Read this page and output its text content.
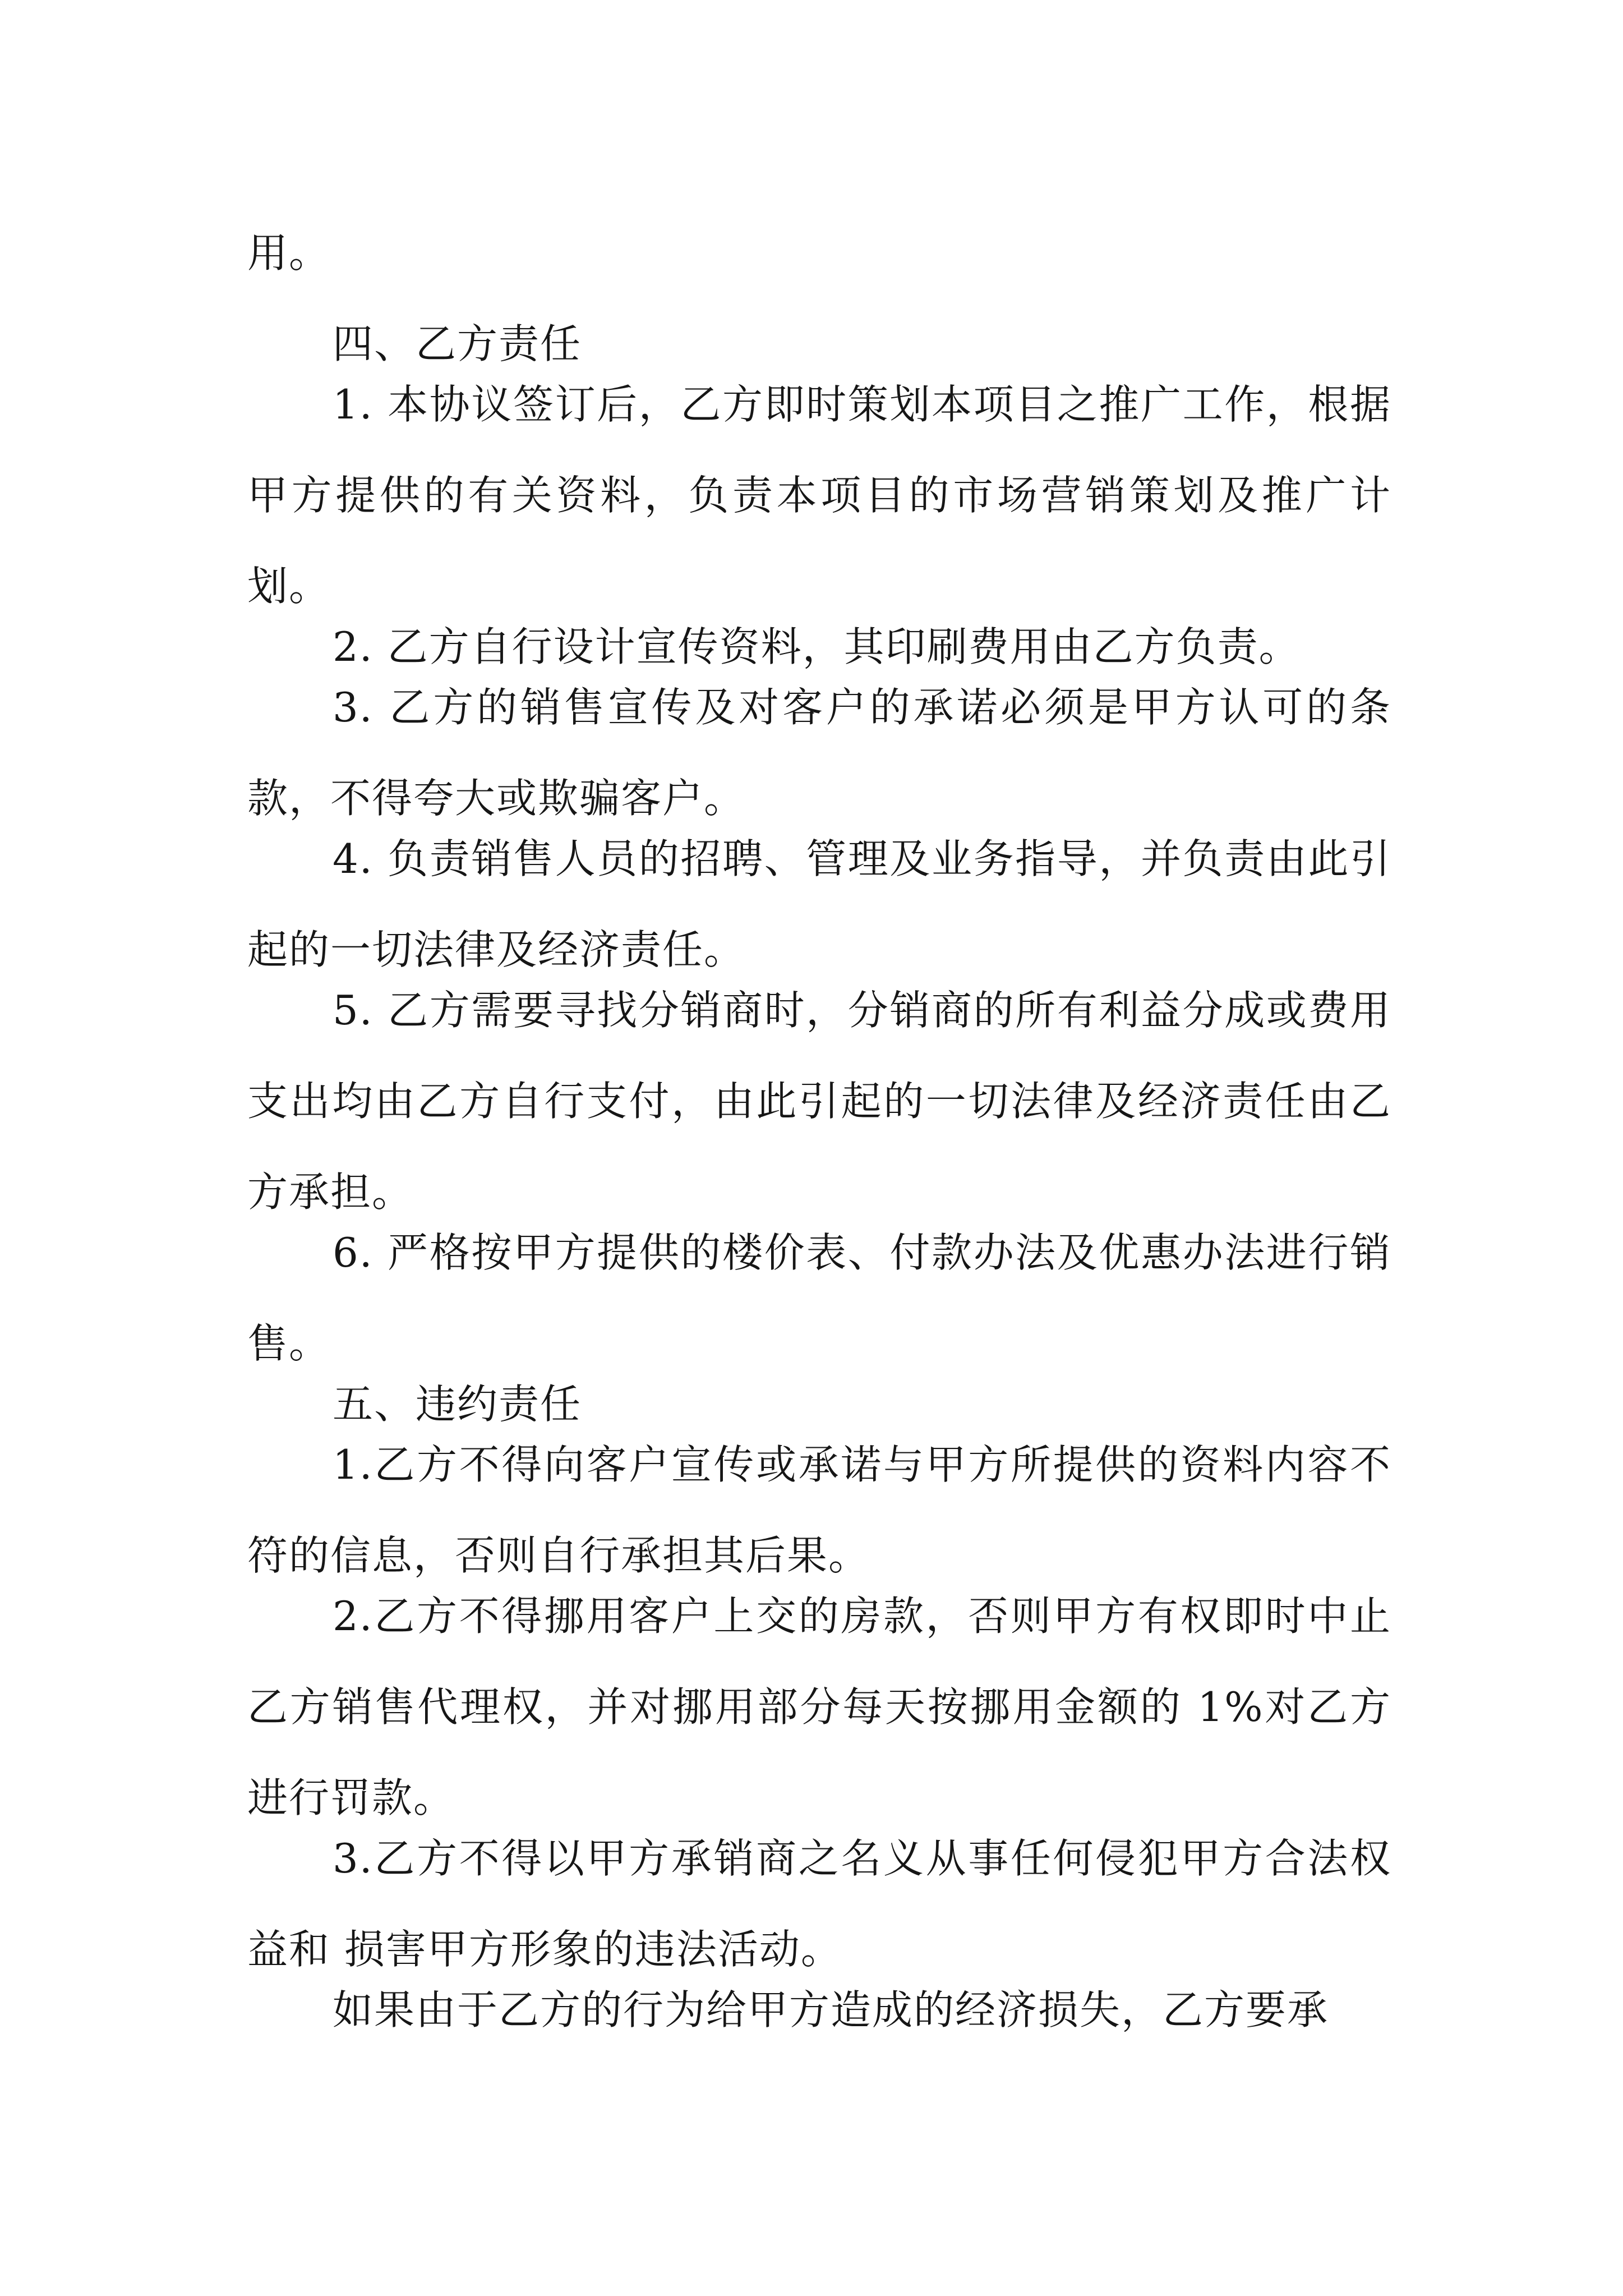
用。

四、乙方责任

1. 本协议签订后，乙方即时策划本项目之推广工作，根据甲方提供的有关资料，负责本项目的市场营销策划及推广计划。

2. 乙方自行设计宣传资料，其印刷费用由乙方负责。

3. 乙方的销售宣传及对客户的承诺必须是甲方认可的条款，不得夸大或欺骗客户。

4. 负责销售人员的招聘、管理及业务指导，并负责由此引起的一切法律及经济责任。

5. 乙方需要寻找分销商时，分销商的所有利益分成或费用支出均由乙方自行支付，由此引起的一切法律及经济责任由乙方承担。

6. 严格按甲方提供的楼价表、付款办法及优惠办法进行销售。

五、违约责任

1.乙方不得向客户宣传或承诺与甲方所提供的资料内容不符的信息，否则自行承担其后果。

2.乙方不得挪用客户上交的房款，否则甲方有权即时中止乙方销售代理权，并对挪用部分每天按挪用金额的 1%对乙方进行罚款。

3.乙方不得以甲方承销商之名义从事任何侵犯甲方合法权益和 损害甲方形象的违法活动。

如果由于乙方的行为给甲方造成的经济损失，乙方要承
